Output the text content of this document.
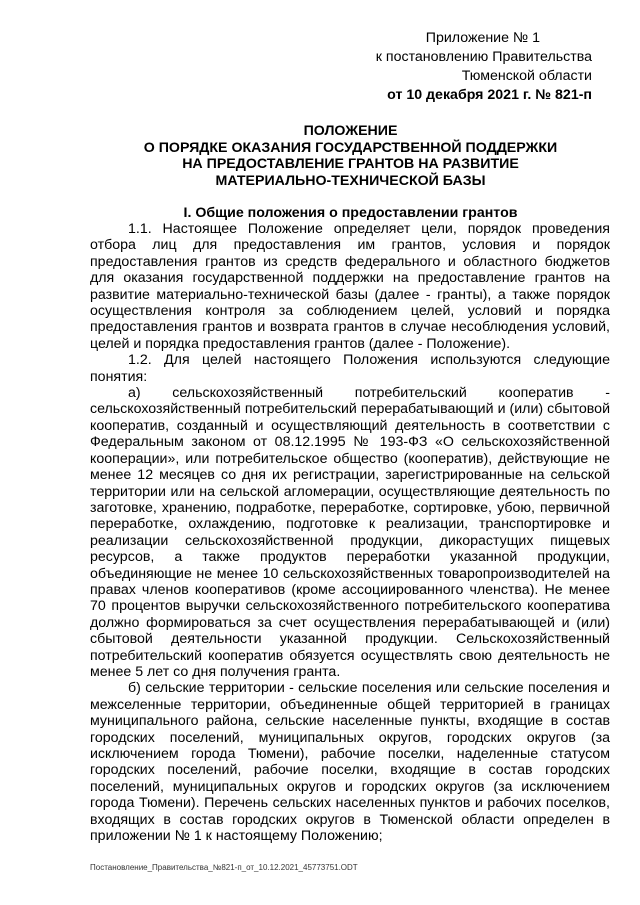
Приложение № 1
к постановлению Правительства
Тюменской области
от 10 декабря 2021 г. № 821-п
ПОЛОЖЕНИЕ
О ПОРЯДКЕ ОКАЗАНИЯ ГОСУДАРСТВЕННОЙ ПОДДЕРЖКИ
НА ПРЕДОСТАВЛЕНИЕ ГРАНТОВ НА РАЗВИТИЕ
МАТЕРИАЛЬНО-ТЕХНИЧЕСКОЙ БАЗЫ
I. Общие положения о предоставлении грантов

1.1. Настоящее Положение определяет цели, порядок проведения отбора лиц для предоставления им грантов, условия и порядок предоставления грантов из средств федерального и областного бюджетов для оказания государственной поддержки на предоставление грантов на развитие материально-технической базы (далее - гранты), а также порядок осуществления контроля за соблюдением целей, условий и порядка предоставления грантов и возврата грантов в случае несоблюдения условий, целей и порядка предоставления грантов (далее - Положение).

1.2. Для целей настоящего Положения используются следующие понятия:

а) сельскохозяйственный потребительский кооператив - сельскохозяйственный потребительский перерабатывающий и (или) сбытовой кооператив, созданный и осуществляющий деятельность в соответствии с Федеральным законом от 08.12.1995 № 193-ФЗ «О сельскохозяйственной кооперации», или потребительское общество (кооператив), действующие не менее 12 месяцев со дня их регистрации, зарегистрированные на сельской территории или на сельской агломерации, осуществляющие деятельность по заготовке, хранению, подработке, переработке, сортировке, убою, первичной переработке, охлаждению, подготовке к реализации, транспортировке и реализации сельскохозяйственной продукции, дикорастущих пищевых ресурсов, а также продуктов переработки указанной продукции, объединяющие не менее 10 сельскохозяйственных товаропроизводителей на правах членов кооперативов (кроме ассоциированного членства). Не менее 70 процентов выручки сельскохозяйственного потребительского кооператива должно формироваться за счет осуществления перерабатывающей и (или) сбытовой деятельности указанной продукции. Сельскохозяйственный потребительский кооператив обязуется осуществлять свою деятельность не менее 5 лет со дня получения гранта.

б) сельские территории - сельские поселения или сельские поселения и межселенные территории, объединенные общей территорией в границах муниципального района, сельские населенные пункты, входящие в состав городских поселений, муниципальных округов, городских округов (за исключением города Тюмени), рабочие поселки, наделенные статусом городских поселений, рабочие поселки, входящие в состав городских поселений, муниципальных округов и городских округов (за исключением города Тюмени). Перечень сельских населенных пунктов и рабочих поселков, входящих в состав городских округов в Тюменской области определен в приложении № 1 к настоящему Положению;

Постановление_Правительства_№821-п_от_10.12.2021_45773751.ODT
